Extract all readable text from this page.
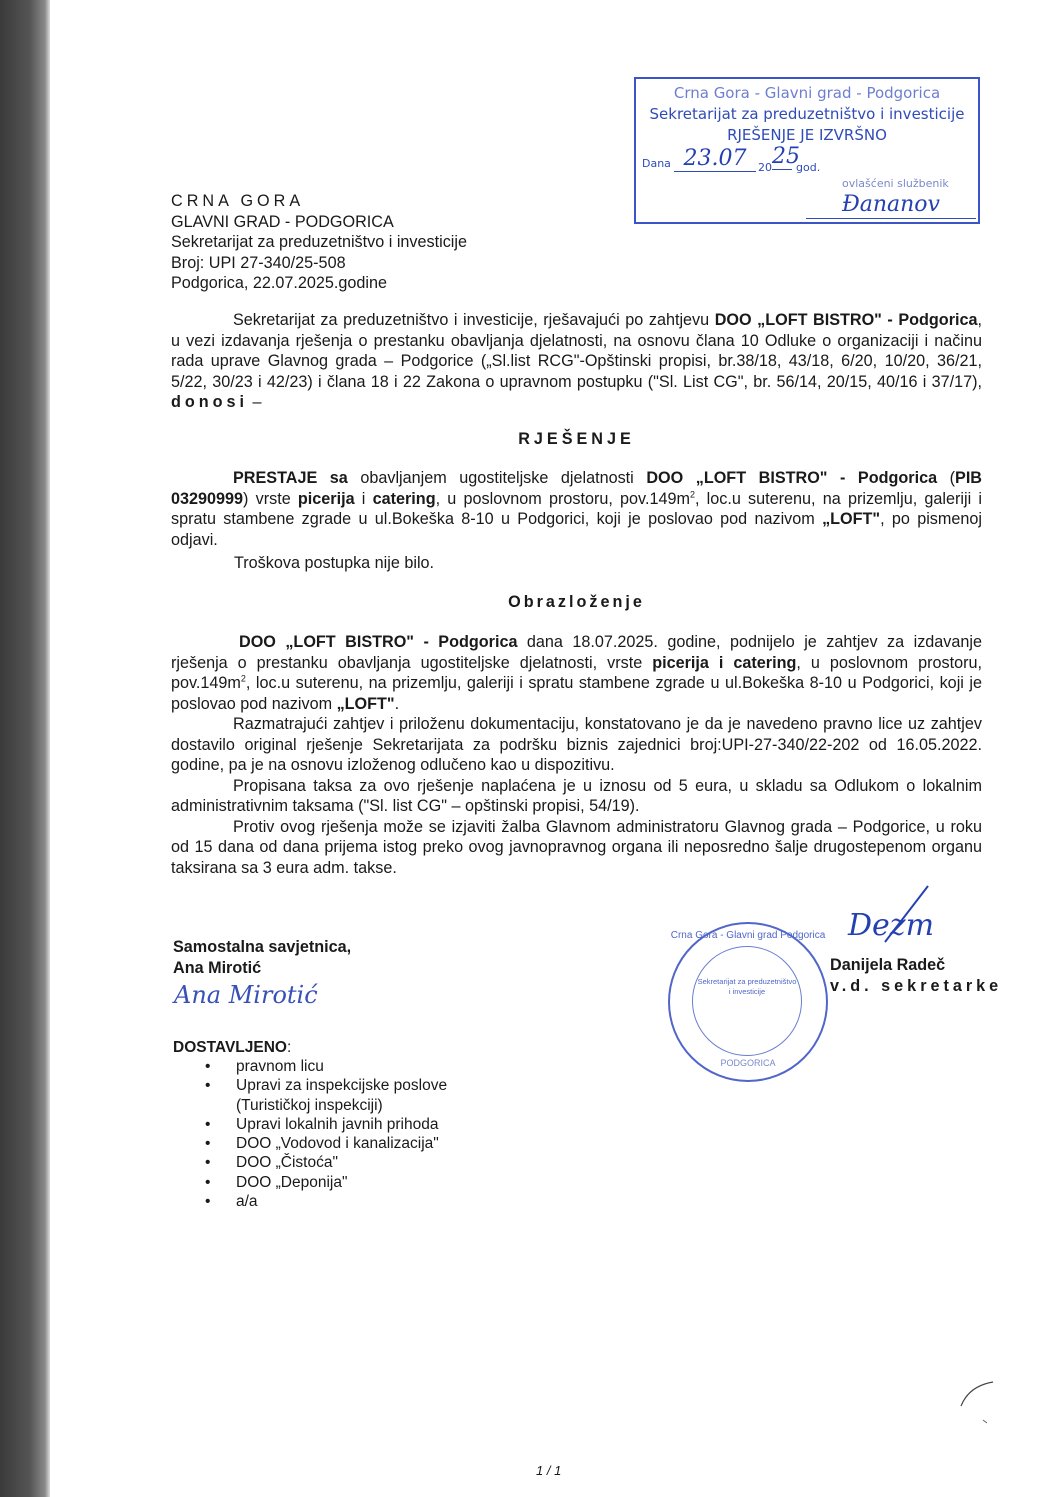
Crna Gora - Glavni grad - Podgorica
Sekretarijat za preduzetništvo i investicije
RJEŠENJE JE IZVRŠNO
Dana 23.07	20 25
god.
ovlašćeni službenik
Đananov
CRNA GORA
GLAVNI GRAD - PODGORICA
Sekretarijat za preduzetništvo i investicije
Broj: UPI 27-340/25-508
Podgorica, 22.07.2025.godine
Sekretarijat za preduzetništvo i investicije, rješavajući po zahtjevu DOO „LOFT BISTRO" - Podgorica, u vezi izdavanja rješenja o prestanku obavljanja djelatnosti, na osnovu člana 10 Odluke o organizaciji i načinu rada uprave Glavnog grada – Podgorice („Sl.list RCG"-Opštinski propisi, br.38/18, 43/18, 6/20, 10/20, 36/21, 5/22, 30/23 i 42/23) i člana 18 i 22 Zakona o upravnom postupku ("Sl. List CG", br. 56/14, 20/15, 40/16 i 37/17), donosi –
RJEŠENJE
PRESTAJE sa obavljanjem ugostiteljske djelatnosti DOO „LOFT BISTRO" - Podgorica (PIB 03290999) vrste picerija i catering, u poslovnom prostoru, $pov.149m^2$, loc.u suterenu, na prizemlju, galeriji i spratu stambene zgrade u ul.Bokeška 8-10 u Podgorici, koji je poslovao pod nazivom „LOFT", po pismenoj odjavi.
Troškova postupka nije bilo.
Obrazloženje
DOO „LOFT BISTRO" - Podgorica dana 18.07.2025. godine, podnijelo je zahtjev za izdavanje rješenja o prestanku obavljanja ugostiteljske djelatnosti, vrste picerija i catering, u poslovnom prostoru, $pov.149m^2$, loc.u suterenu, na prizemlju, galeriji i spratu stambene zgrade u ul.Bokeška 8-10 u Podgorici, koji je poslovao pod nazivom „LOFT".
Razmatrajući zahtjev i priloženu dokumentaciju, konstatovano je da je navedeno pravno lice uz zahtjev dostavilo original rješenje Sekretarijata za podršku biznis zajednici broj:UPI-27-340/22-202 od 16.05.2022. godine, pa je na osnovu izloženog odlučeno kao u dispozitivu.
Propisana taksa za ovo rješenje naplaćena je u iznosu od 5 eura, u skladu sa Odlukom o lokalnim administrativnim taksama ("Sl. list CG" – opštinski propisi, 54/19).
Protiv ovog rješenja može se izjaviti žalba Glavnom administratoru Glavnog grada – Podgorice, u roku od 15 dana od dana prijema istog preko ovog javnopravnog organa ili neposredno šalje drugostepenom organu taksirana sa 3 eura adm. takse.
Samostalna savjetnica,
Ana Mirotić
Ana Mirotić
Crna Gora - Glavni grad Podgorica
Sekretarijat za preduzetništvo i investicije
PODGORICA
Dezm
Danijela Radeč
v.d. sekretarke
DOSTAVLJENO:
• pravnom licu
• Upravi za inspekcijske poslove (Turističkoj inspekciji)
• Upravi lokalnih javnih prihoda
• DOO „Vodovod i kanalizacija"
• DOO „Čistoća"
• DOO „Deponija"
• a/a
1 / 1
